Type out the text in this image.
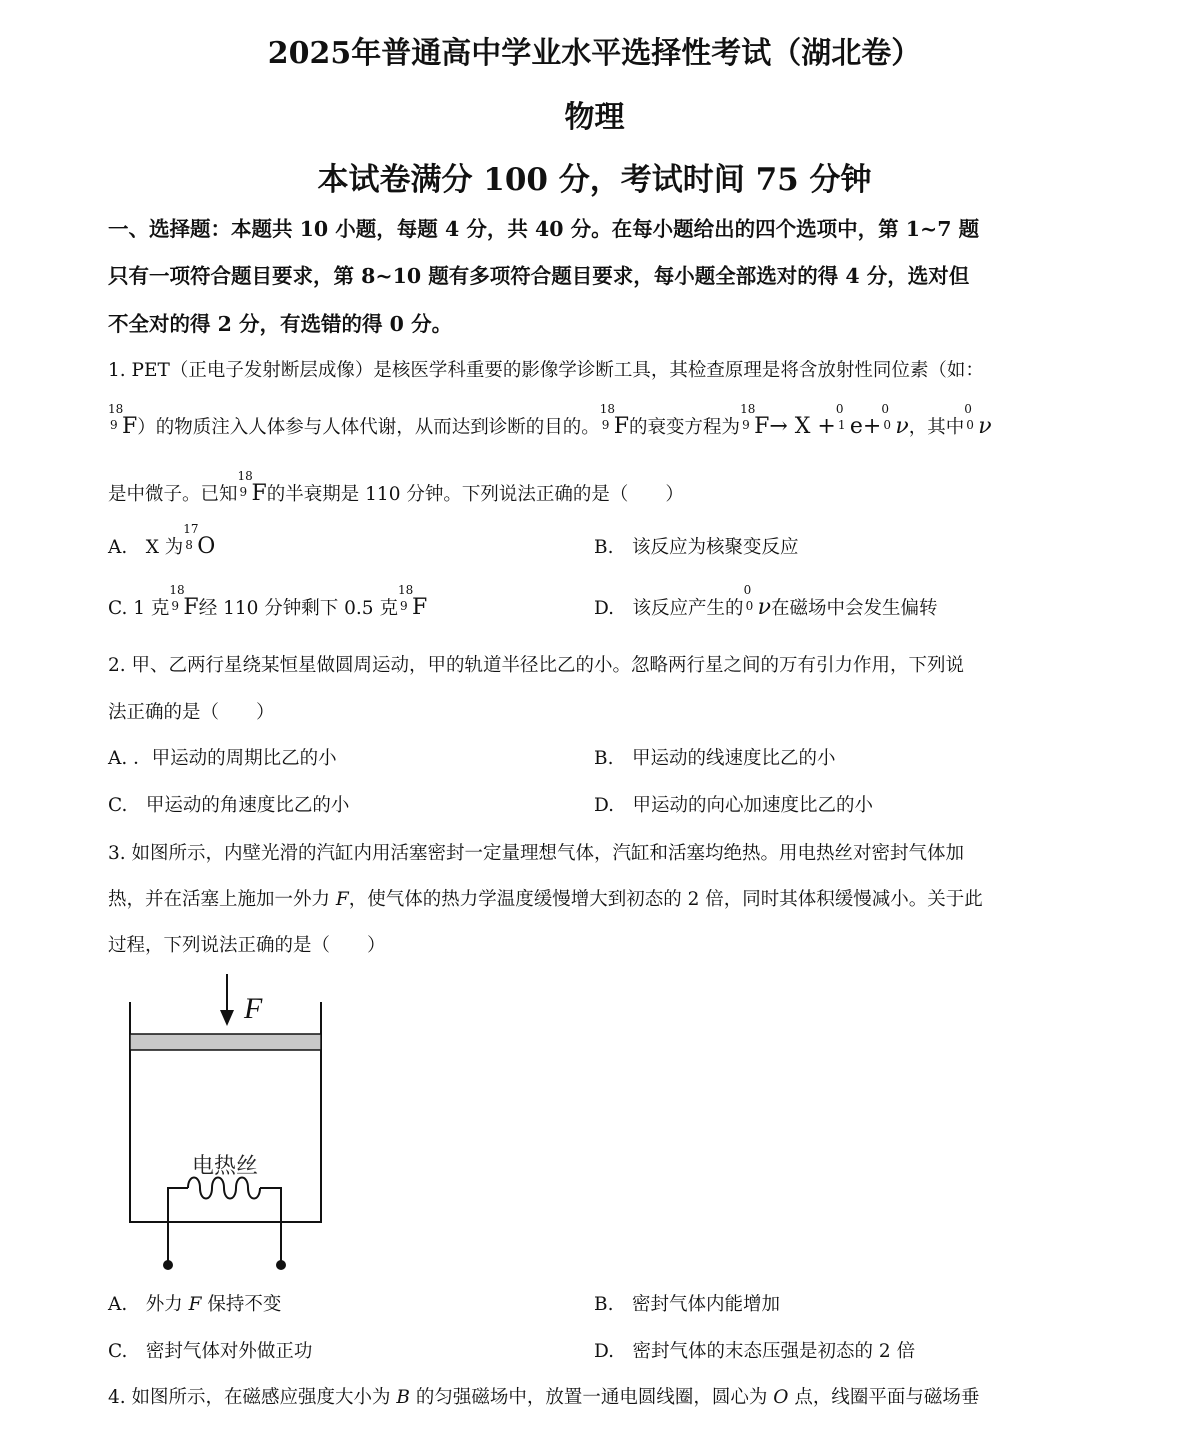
2025年普通高中学业水平选择性考试（湖北卷）
物理
本试卷满分 100 分，考试时间 75 分钟
一、选择题：本题共 10 小题，每题 4 分，共 40 分。在每小题给出的四个选项中，第 1~7 题
只有一项符合题目要求，第 8~10 题有多项符合题目要求，每小题全部选对的得 4 分，选对但
不全对的得 2 分，有选错的得 0 分。
1. PET（正电子发射断层成像）是核医学科重要的影像学诊断工具，其检查原理是将含放射性同位素（如：
18
9 F）的物质注入人体参与人体代谢，从而达到诊断的目的。
18
9 F的衰变方程为
18
9 F→ X +
0
1 e+
0
0 ν，其中
0
0 ν
是中微子。已知
18
9 F的半衰期是 110 分钟。下列说法正确的是（　　）
A.　X 为
17
8 O	B.　该反应为核聚变反应
C. 1 克
18
9 F经 110 分钟剩下 0.5 克
18
9 F	D.　该反应产生的
0
0 ν在磁场中会发生偏转
2. 甲、乙两行星绕某恒星做圆周运动，甲的轨道半径比乙的小。忽略两行星之间的万有引力作用，下列说
法正确的是（　　）
A. ．甲运动的周期比乙的小	B.　甲运动的线速度比乙的小
C.　甲运动的角速度比乙的小	D.　甲运动的向心加速度比乙的小
3. 如图所示，内壁光滑的汽缸内用活塞密封一定量理想气体，汽缸和活塞均绝热。用电热丝对密封气体加
热，并在活塞上施加一外力 F，使气体的热力学温度缓慢增大到初态的 2 倍，同时其体积缓慢减小。关于此
过程，下列说法正确的是（　　）
F
电热丝
A.　外力 F 保持不变	B.　密封气体内能增加
C.　密封气体对外做正功	D.　密封气体的末态压强是初态的 2 倍
4. 如图所示，在磁感应强度大小为 B 的匀强磁场中，放置一通电圆线圈，圆心为 O 点，线圈平面与磁场垂
